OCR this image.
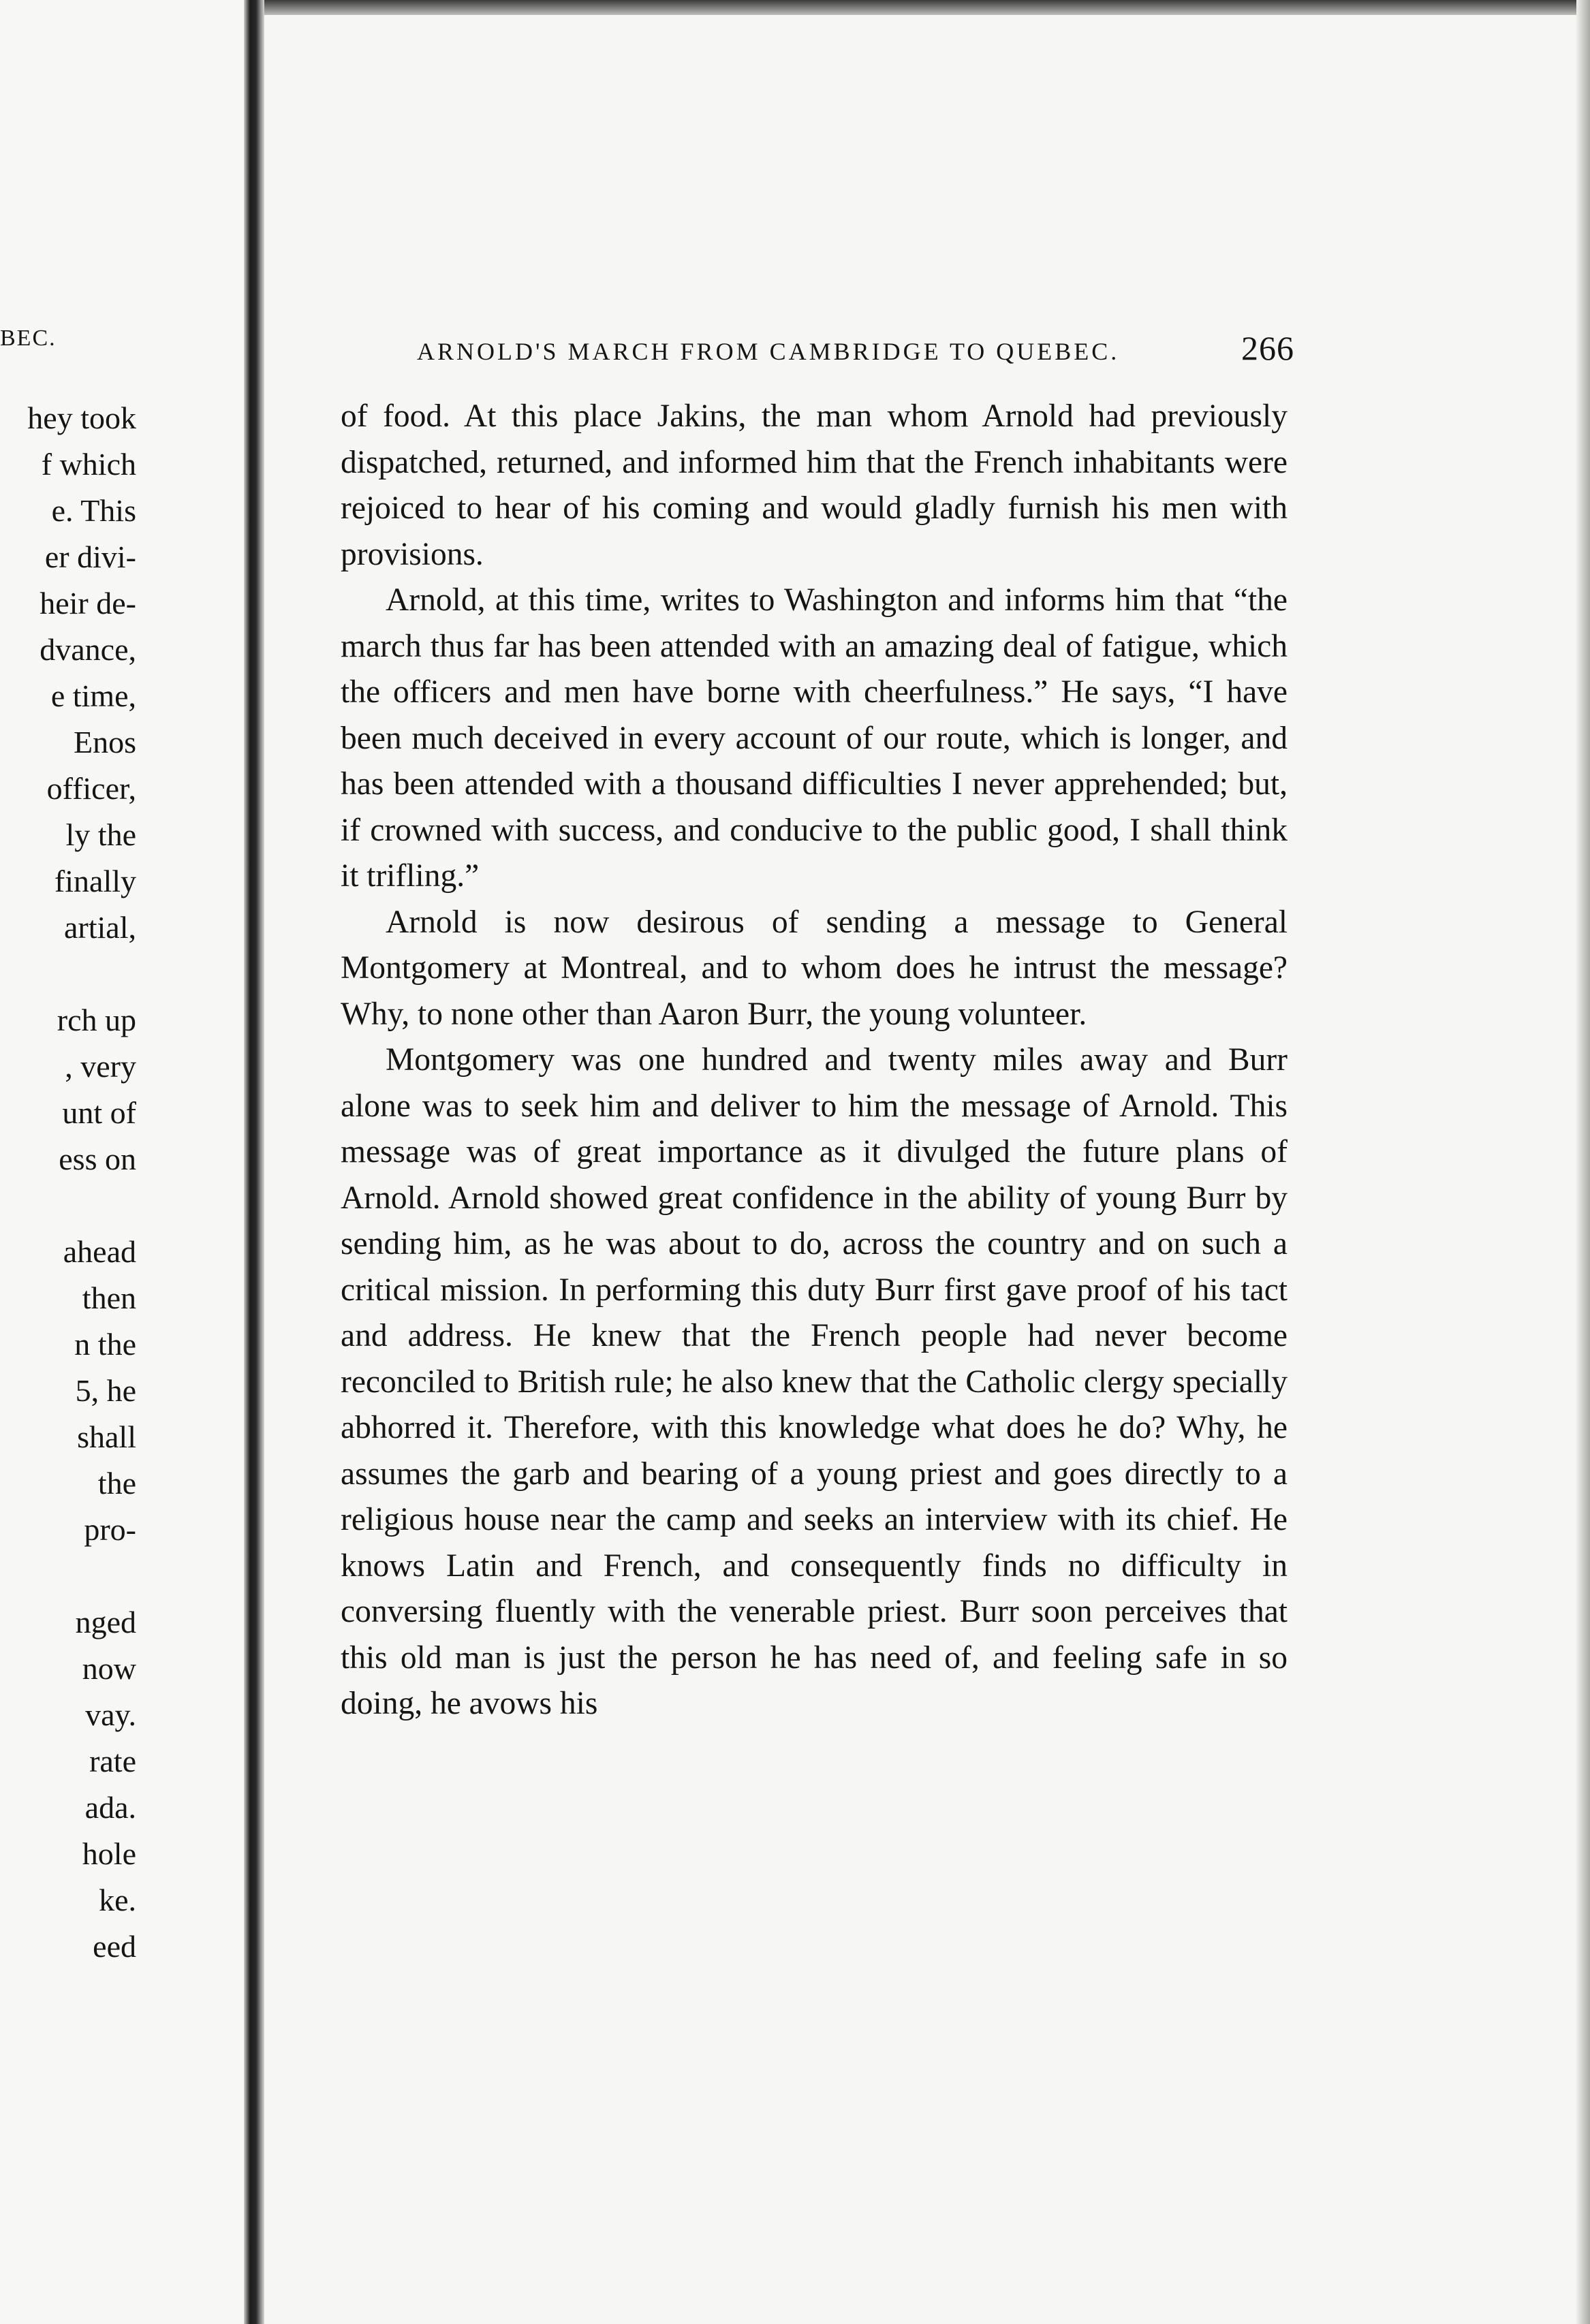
BEC.
hey took
f which
e. This
er divi-
heir de-
dvance,
e time,
Enos
officer,
ly the
finally
artial,
rch up
, very
unt of
ess on
ahead
then
n the
5, he
shall
the
pro-
nged
now
vay.
rate
ada.
hole
ke.
eed
ARNOLD'S MARCH FROM CAMBRIDGE TO QUEBEC.	266

of food. At this place Jakins, the man whom Arnold had previously dispatched, returned, and informed him that the French inhabitants were rejoiced to hear of his coming and would gladly furnish his men with provisions.

Arnold, at this time, writes to Washington and informs him that “the march thus far has been attended with an amazing deal of fatigue, which the officers and men have borne with cheerfulness.” He says, “I have been much deceived in every account of our route, which is longer, and has been attended with a thousand difficulties I never apprehended; but, if crowned with success, and conducive to the public good, I shall think it trifling.”

Arnold is now desirous of sending a message to General Montgomery at Montreal, and to whom does he intrust the message? Why, to none other than Aaron Burr, the young volunteer.

Montgomery was one hundred and twenty miles away and Burr alone was to seek him and deliver to him the message of Arnold. This message was of great importance as it divulged the future plans of Arnold. Arnold showed great confidence in the ability of young Burr by sending him, as he was about to do, across the country and on such a critical mission. In performing this duty Burr first gave proof of his tact and address. He knew that the French people had never become reconciled to British rule; he also knew that the Catholic clergy specially abhorred it. Therefore, with this knowledge what does he do? Why, he assumes the garb and bearing of a young priest and goes directly to a religious house near the camp and seeks an interview with its chief. He knows Latin and French, and consequently finds no difficulty in conversing fluently with the venerable priest. Burr soon perceives that this old man is just the person he has need of, and feeling safe in so doing, he avows his
